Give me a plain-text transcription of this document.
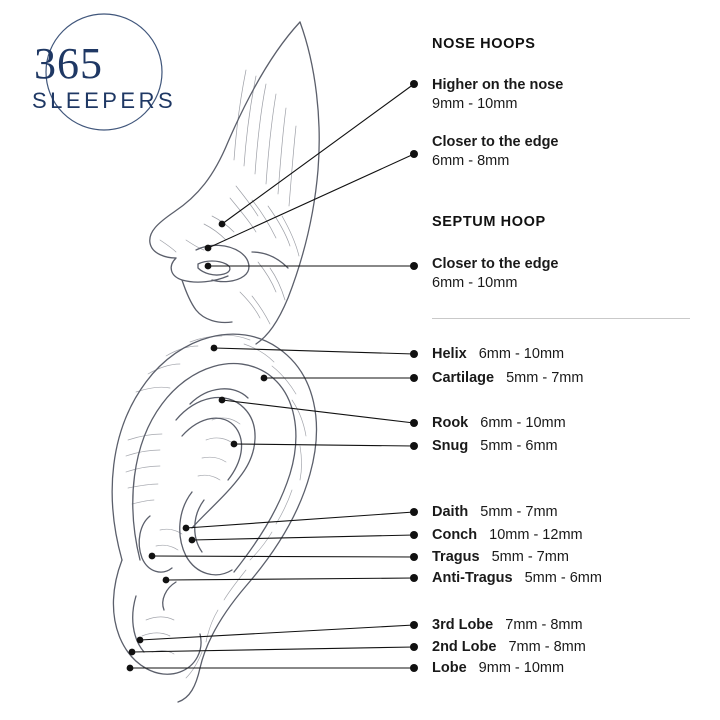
365
SLEEPERS
NOSE HOOPS
Higher on the nose
9mm - 10mm
Closer to the edge
6mm - 8mm
SEPTUM HOOP
Closer to the edge
6mm - 10mm
Helix 6mm - 10mm
Cartilage 5mm - 7mm
Rook 6mm - 10mm
Snug 5mm - 6mm
Daith 5mm - 7mm
Conch 10mm - 12mm
Tragus 5mm - 7mm
Anti-Tragus 5mm - 6mm
3rd Lobe 7mm - 8mm
2nd Lobe 7mm - 8mm
Lobe 9mm - 10mm
